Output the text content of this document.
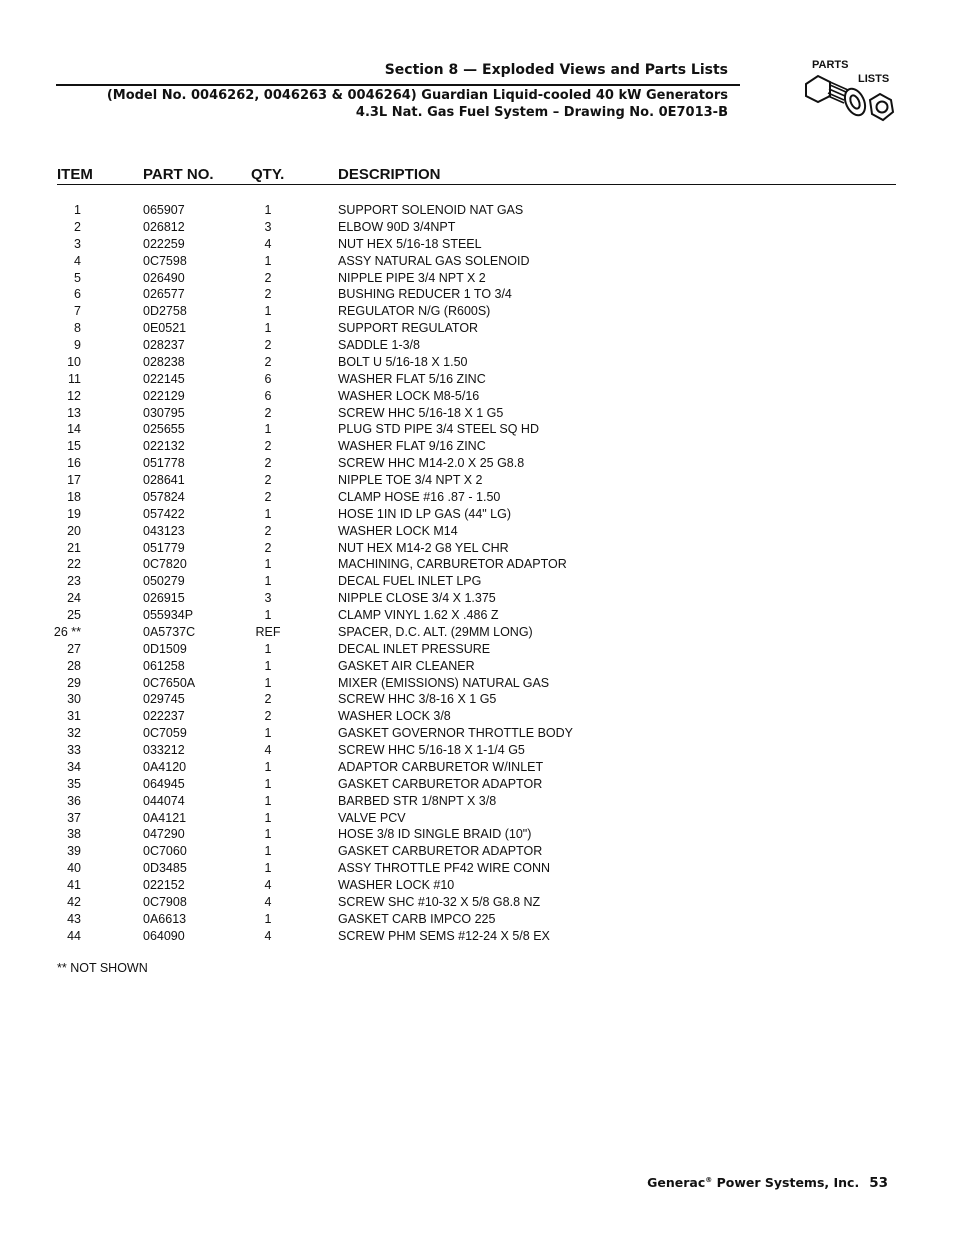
Section 8 — Exploded Views and Parts Lists
(Model No. 0046262, 0046263 & 0046264) Guardian Liquid-cooled 40 kW Generators
4.3L Nat. Gas Fuel System – Drawing No. 0E7013-B
PARTS
LISTS
ITEM	PART NO. QTY.	DESCRIPTION
1	065907	1	SUPPORT SOLENOID NAT GAS
2	026812	3	ELBOW 90D 3/4NPT
3	022259	4	NUT HEX 5/16-18 STEEL
4	0C7598	1	ASSY NATURAL GAS SOLENOID
5	026490	2	NIPPLE PIPE 3/4 NPT X 2
6	026577	2	BUSHING REDUCER 1 TO 3/4
7	0D2758	1	REGULATOR N/G (R600S)
8	0E0521	1	SUPPORT REGULATOR
9	028237	2	SADDLE 1-3/8
10	028238	2	BOLT U 5/16-18 X 1.50
11	022145	6	WASHER FLAT 5/16 ZINC
12	022129	6	WASHER LOCK M8-5/16
13	030795	2	SCREW HHC 5/16-18 X 1 G5
14	025655	1	PLUG STD PIPE 3/4 STEEL SQ HD
15	022132	2	WASHER FLAT 9/16 ZINC
16	051778	2	SCREW HHC M14-2.0 X 25 G8.8
17	028641	2	NIPPLE TOE 3/4 NPT X 2
18	057824	2	CLAMP HOSE #16 .87 - 1.50
19	057422	1	HOSE 1IN ID LP GAS (44" LG)
20	043123	2	WASHER LOCK M14
21	051779	2	NUT HEX M14-2 G8 YEL CHR
22	0C7820	1	MACHINING, CARBURETOR ADAPTOR
23	050279	1	DECAL FUEL INLET LPG
24	026915	3	NIPPLE CLOSE 3/4 X 1.375
25	055934P	1	CLAMP VINYL 1.62 X .486 Z
26 **	0A5737C	REF	SPACER, D.C. ALT. (29MM LONG)
27	0D1509	1	DECAL INLET PRESSURE
28	061258	1	GASKET AIR CLEANER
29	0C7650A	1	MIXER (EMISSIONS) NATURAL GAS
30	029745	2	SCREW HHC 3/8-16 X 1 G5
31	022237	2	WASHER LOCK 3/8
32	0C7059	1	GASKET GOVERNOR THROTTLE BODY
33	033212	4	SCREW HHC 5/16-18 X 1-1/4 G5
34	0A4120	1	ADAPTOR CARBURETOR W/INLET
35	064945	1	GASKET CARBURETOR ADAPTOR
36	044074	1	BARBED STR 1/8NPT X 3/8
37	0A4121	1	VALVE PCV
38	047290	1	HOSE 3/8 ID SINGLE BRAID (10")
39	0C7060	1	GASKET CARBURETOR ADAPTOR
40	0D3485	1	ASSY THROTTLE PF42 WIRE CONN
41	022152	4	WASHER LOCK #10
42	0C7908	4	SCREW SHC #10-32 X 5/8 G8.8 NZ
43	0A6613	1	GASKET CARB IMPCO 225
44	064090	4	SCREW PHM SEMS #12-24 X 5/8 EX
** NOT SHOWN
Generac® Power Systems, Inc. 53
